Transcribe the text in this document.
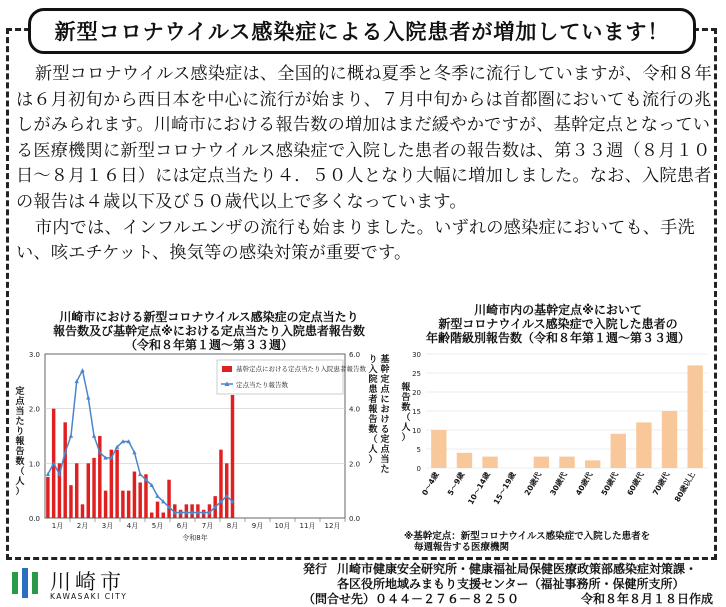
新型コロナウイルス感染症による入院患者が増加しています！

新型コロナウイルス感染症は、全国的に概ね夏季と冬季に流行していますが、令和８年は６月初旬から西日本を中心に流行が始まり、７月中旬からは首都圏においても流行の兆しがみられます。川崎市における報告数の増加はまだ緩やかですが、基幹定点となっている医療機関に新型コロナウイルス感染症で入院した患者の報告数は、第３３週（８月１０日～８月１６日）には定点当たり４．５０人となり大幅に増加しました。なお、入院患者の報告は４歳以下及び５０歳代以上で多くなっています。

市内では、インフルエンザの流行も始まりました。いずれの感染症においても、手洗い、咳エチケット、換気等の感染対策が重要です。

川崎市における新型コロナウイルス感染症の定点当たり
報告数及び基幹定点※における定点当たり入院患者報告数
（令和８年第１週～第３３週）
川崎市内の基幹定点※において
新型コロナウイルス感染症で入院した患者の
年齢階級別報告数（令和８年第１週～第３３週）
0.0
1.0
2.0
3.0
0.0
2.0
4.0
6.0
1月 2月 3月 4月 5月 6月 7月 8月 9月 10月 11月 12月
令和8年
定
点
当
た
り
報
告
数
（
人
）
基
幹
定
点
に
お
け
る
定
点
当
た
り
入
院
患
者
報
告
数
（
人
）
基幹定点における定点当たり入院患者報告数
定点当たり報告数
0
5
10
15
20
25
30
0～4歳 5～9歳 10～14歳 15～19歳 20歳代 30歳代 40歳代 50歳代 60歳代 70歳代 80歳以上
報
告
数
（
人
）
※基幹定点：新型コロナウイルス感染症で入院した患者を
毎週報告する医療機関
川崎市
KAWASAKI CITY
発行 川崎市健康安全研究所・健康福祉局保健医療政策部感染症対策課・
各区役所地域みまもり支援センター（福祉事務所・保健所支所）
（問合せ先）０４４－２７６－８２５０	令和８年８月１８日作成
